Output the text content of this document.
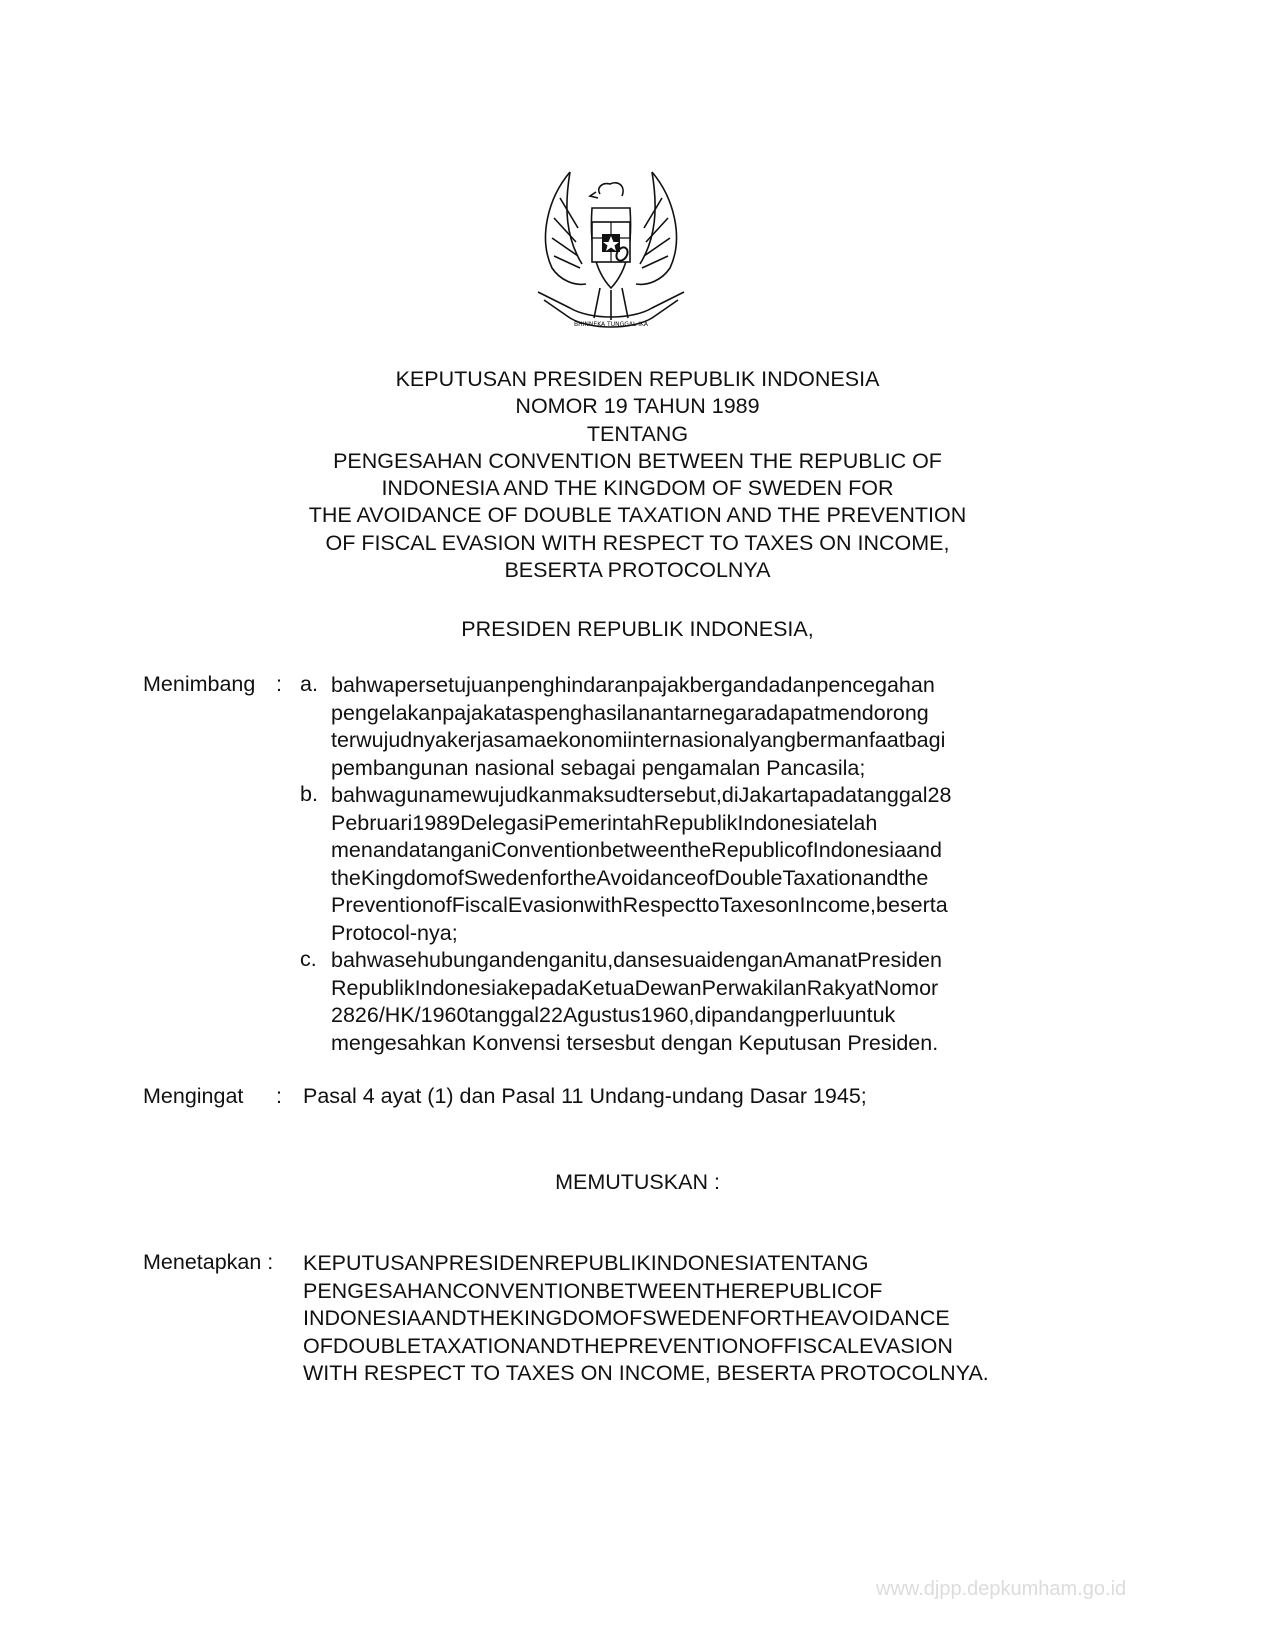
BHINNEKA TUNGGAL IKA
KEPUTUSAN PRESIDEN REPUBLIK INDONESIA
NOMOR 19 TAHUN 1989
TENTANG
PENGESAHAN CONVENTION BETWEEN THE REPUBLIC OF
INDONESIA AND THE KINGDOM OF SWEDEN FOR
THE AVOIDANCE OF DOUBLE TAXATION AND THE PREVENTION
OF FISCAL EVASION WITH RESPECT TO TAXES ON INCOME,
BESERTA PROTOCOLNYA
PRESIDEN REPUBLIK INDONESIA,
Menimbang : a. bahwapersetujuanpenghindaranpajakbergandadanpencegahan
pengelakanpajakataspenghasilanantarnegaradapatmendorong
terwujudnyakerjasamaekonomiinternasionalyangbermanfaatbagi
pembangunan nasional sebagai pengamalan Pancasila;
b. bahwagunamewujudkanmaksudtersebut,diJakartapadatanggal28
Pebruari1989DelegasiPemerintahRepublikIndonesiatelah
menandatanganiConventionbetweentheRepublicofIndonesiaand
theKingdomofSwedenfortheAvoidanceofDoubleTaxationandthe
PreventionofFiscalEvasionwithRespecttoTaxesonIncome,beserta
Protocol-nya;
c. bahwasehubungandenganitu,dansesuaidenganAmanatPresiden
RepublikIndonesiakepadaKetuaDewanPerwakilanRakyatNomor
2826/HK/1960tanggal22Agustus1960,dipandangperluuntuk
mengesahkan Konvensi tersesbut dengan Keputusan Presiden.
Mengingat : Pasal 4 ayat (1) dan Pasal 11 Undang-undang Dasar 1945;
MEMUTUSKAN :
Menetapkan : KEPUTUSANPRESIDENREPUBLIKINDONESIATENTANG
PENGESAHANCONVENTIONBETWEENTHEREPUBLICOF
INDONESIAANDTHEKINGDOMOFSWEDENFORTHEAVOIDANCE
OFDOUBLETAXATIONANDTHEPREVENTIONOFFISCALEVASION
WITH RESPECT TO TAXES ON INCOME, BESERTA PROTOCOLNYA.
www.djpp.depkumham.go.id
